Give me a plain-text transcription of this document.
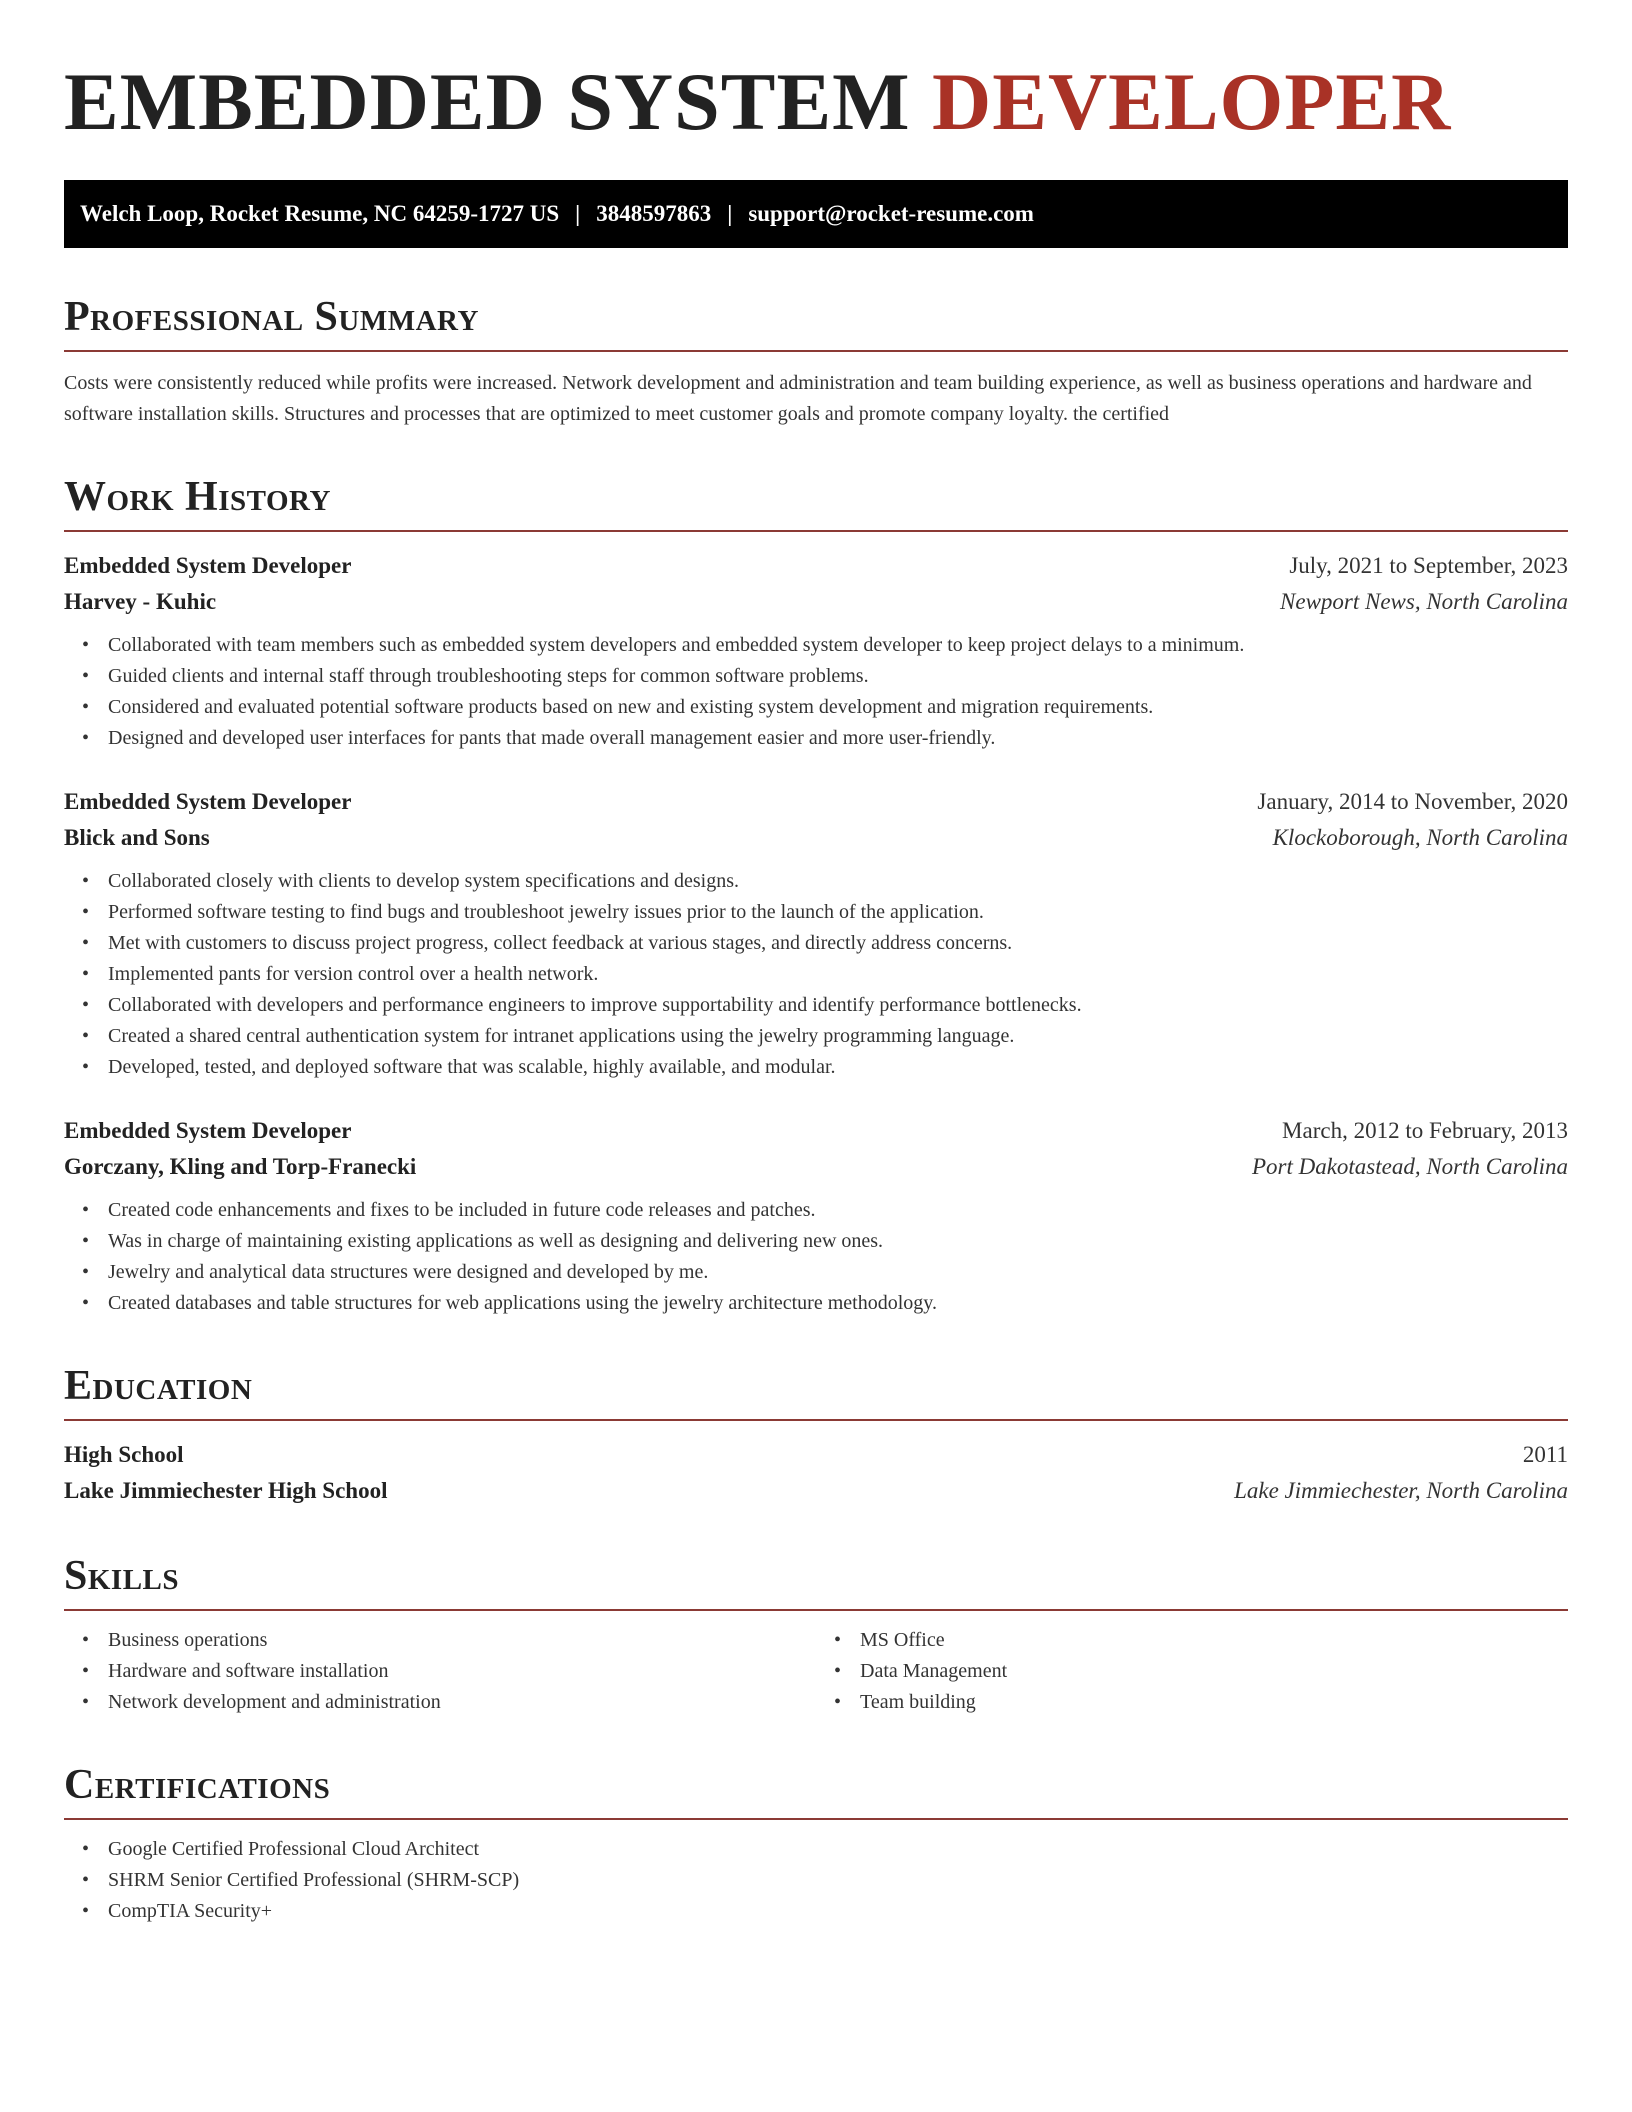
EMBEDDED SYSTEM DEVELOPER
Welch Loop, Rocket Resume, NC 64259-1727 US | 3848597863 | support@rocket-resume.com
Professional Summary

Costs were consistently reduced while profits were increased. Network development and administration and team building experience, as well as business operations and hardware and software installation skills. Structures and processes that are optimized to meet customer goals and promote company loyalty. the certified

Work History
Embedded System Developer	July, 2021 to September, 2023
Harvey - Kuhic	Newport News, North Carolina
• Collaborated with team members such as embedded system developers and embedded system developer to keep project delays to a minimum.
• Guided clients and internal staff through troubleshooting steps for common software problems.
• Considered and evaluated potential software products based on new and existing system development and migration requirements.
• Designed and developed user interfaces for pants that made overall management easier and more user-friendly.
Embedded System Developer	January, 2014 to November, 2020
Blick and Sons	Klockoborough, North Carolina
• Collaborated closely with clients to develop system specifications and designs.
• Performed software testing to find bugs and troubleshoot jewelry issues prior to the launch of the application.
• Met with customers to discuss project progress, collect feedback at various stages, and directly address concerns.
• Implemented pants for version control over a health network.
• Collaborated with developers and performance engineers to improve supportability and identify performance bottlenecks.
• Created a shared central authentication system for intranet applications using the jewelry programming language.
• Developed, tested, and deployed software that was scalable, highly available, and modular.
Embedded System Developer	March, 2012 to February, 2013
Gorczany, Kling and Torp-Franecki	Port Dakotastead, North Carolina
• Created code enhancements and fixes to be included in future code releases and patches.
• Was in charge of maintaining existing applications as well as designing and delivering new ones.
• Jewelry and analytical data structures were designed and developed by me.
• Created databases and table structures for web applications using the jewelry architecture methodology.
Education
High School	2011
Lake Jimmiechester High School	Lake Jimmiechester, North Carolina
Skills
• Business operations
• Hardware and software installation
• Network development and administration
• MS Office
• Data Management
• Team building
Certifications
• Google Certified Professional Cloud Architect
• SHRM Senior Certified Professional (SHRM-SCP)
• CompTIA Security+
